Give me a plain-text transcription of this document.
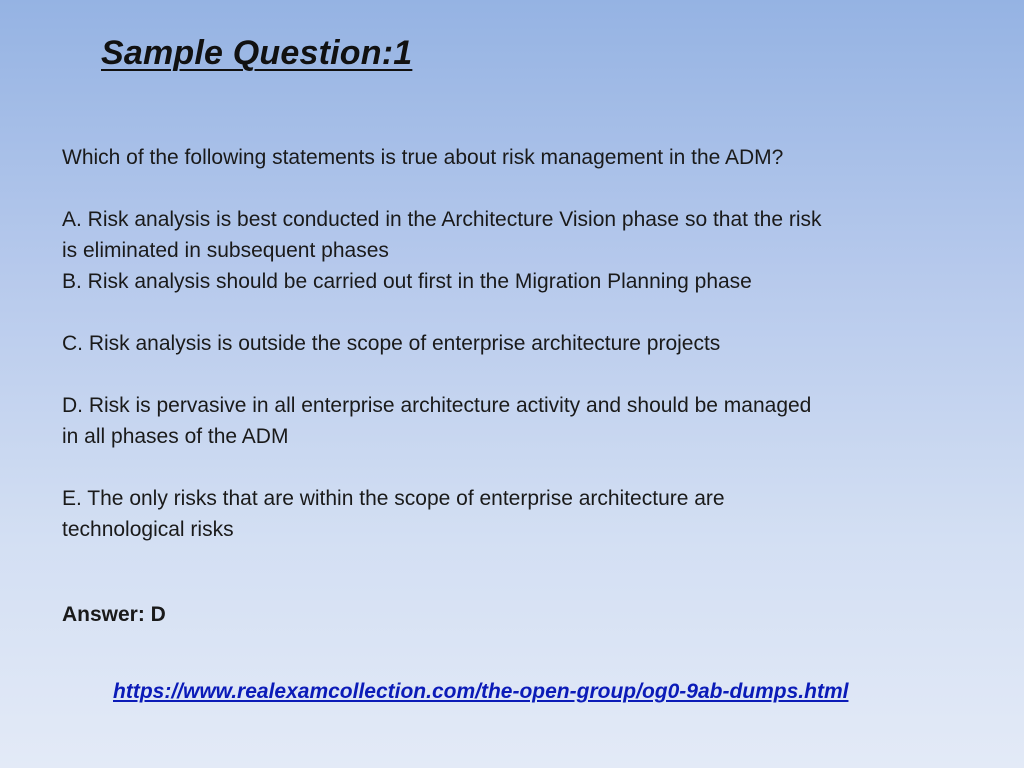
Sample Question:1

Which of the following statements is true about risk management in the ADM?

A. Risk analysis is best conducted in the Architecture Vision phase so that the risk

is eliminated in subsequent phases

B. Risk analysis should be carried out first in the Migration Planning phase

C. Risk analysis is outside the scope of enterprise architecture projects

D. Risk is pervasive in all enterprise architecture activity and should be managed

in all phases of the ADM

E. The only risks that are within the scope of enterprise architecture are

technological risks

Answer: D
https://www.realexamcollection.com/the-open-group/og0-9ab-dumps.html
